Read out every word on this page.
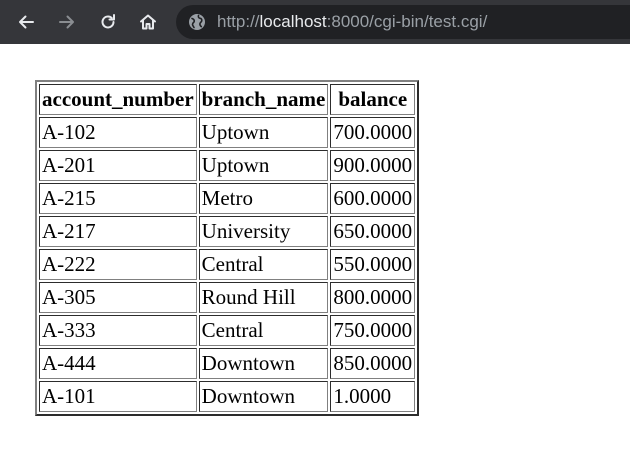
http://localhost:8000/cgi-bin/test.cgi/
account_number	branch_name	balance
A-102	Uptown	700.0000
A-201	Uptown	900.0000
A-215	Metro	600.0000
A-217	University	650.0000
A-222	Central	550.0000
A-305	Round Hill	800.0000
A-333	Central	750.0000
A-444	Downtown	850.0000
A-101	Downtown	1.0000
